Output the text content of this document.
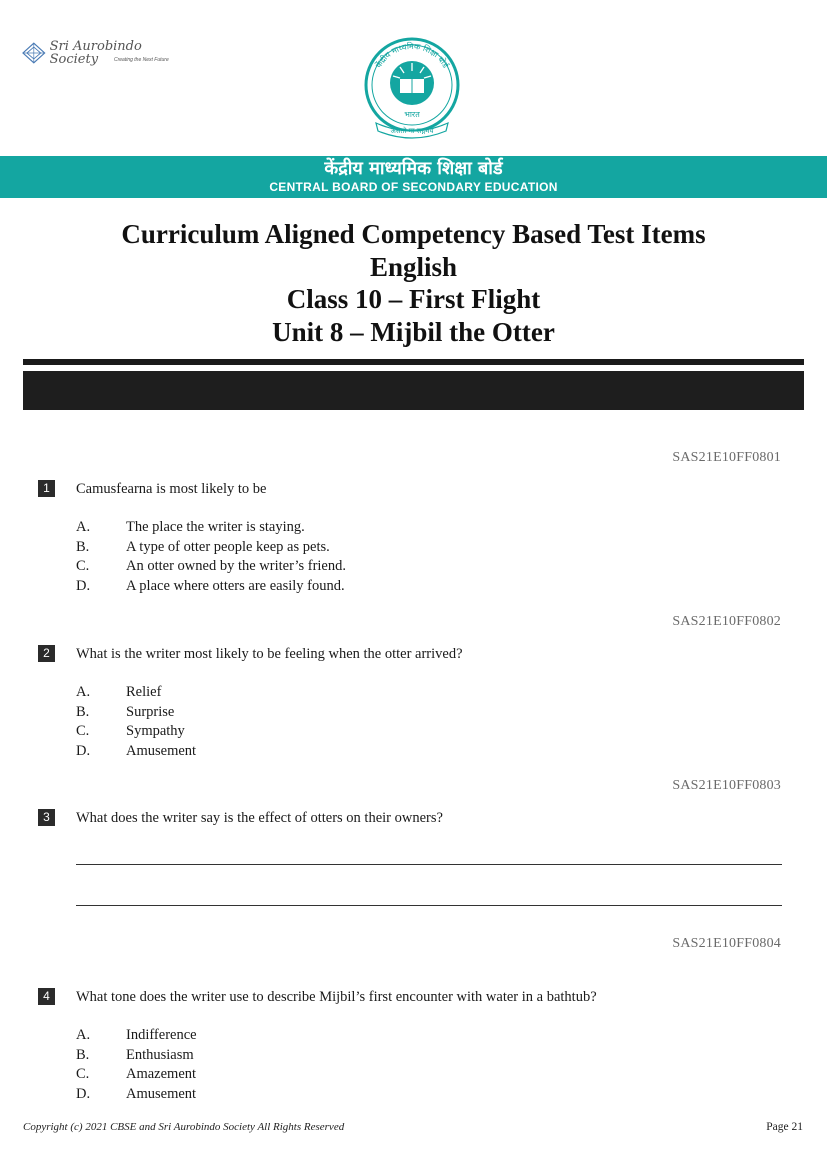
Sri Aurobindo Society	Creating the Next Future	केंद्रीय माध्यमिक शिक्षा बोर्ड
भारत
असतो मा सद्गमय
केंद्रीय माध्यमिक शिक्षा बोर्ड
CENTRAL BOARD OF SECONDARY EDUCATION
Curriculum Aligned Competency Based Test Items
English
Class 10 – First Flight
Unit 8 – Mijbil the Otter
SAS21E10FF0801
1	Camusfearna is most likely to be
A. The place the writer is staying.
B.	A type of otter people keep as pets.
C.	An otter owned by the writer’s friend.
D. A place where otters are easily found.
SAS21E10FF0802
2	What is the writer most likely to be feeling when the otter arrived?
A. Relief
B.	Surprise
C.	Sympathy
D. Amusement
SAS21E10FF0803
3	What does the writer say is the effect of otters on their owners?
SAS21E10FF0804
4	What tone does the writer use to describe Mijbil’s first encounter with water in a bathtub?
A. Indifference
B.	Enthusiasm
C.	Amazement
D. Amusement
Copyright (c) 2021 CBSE and Sri Aurobindo Society All Rights Reserved	Page 21
